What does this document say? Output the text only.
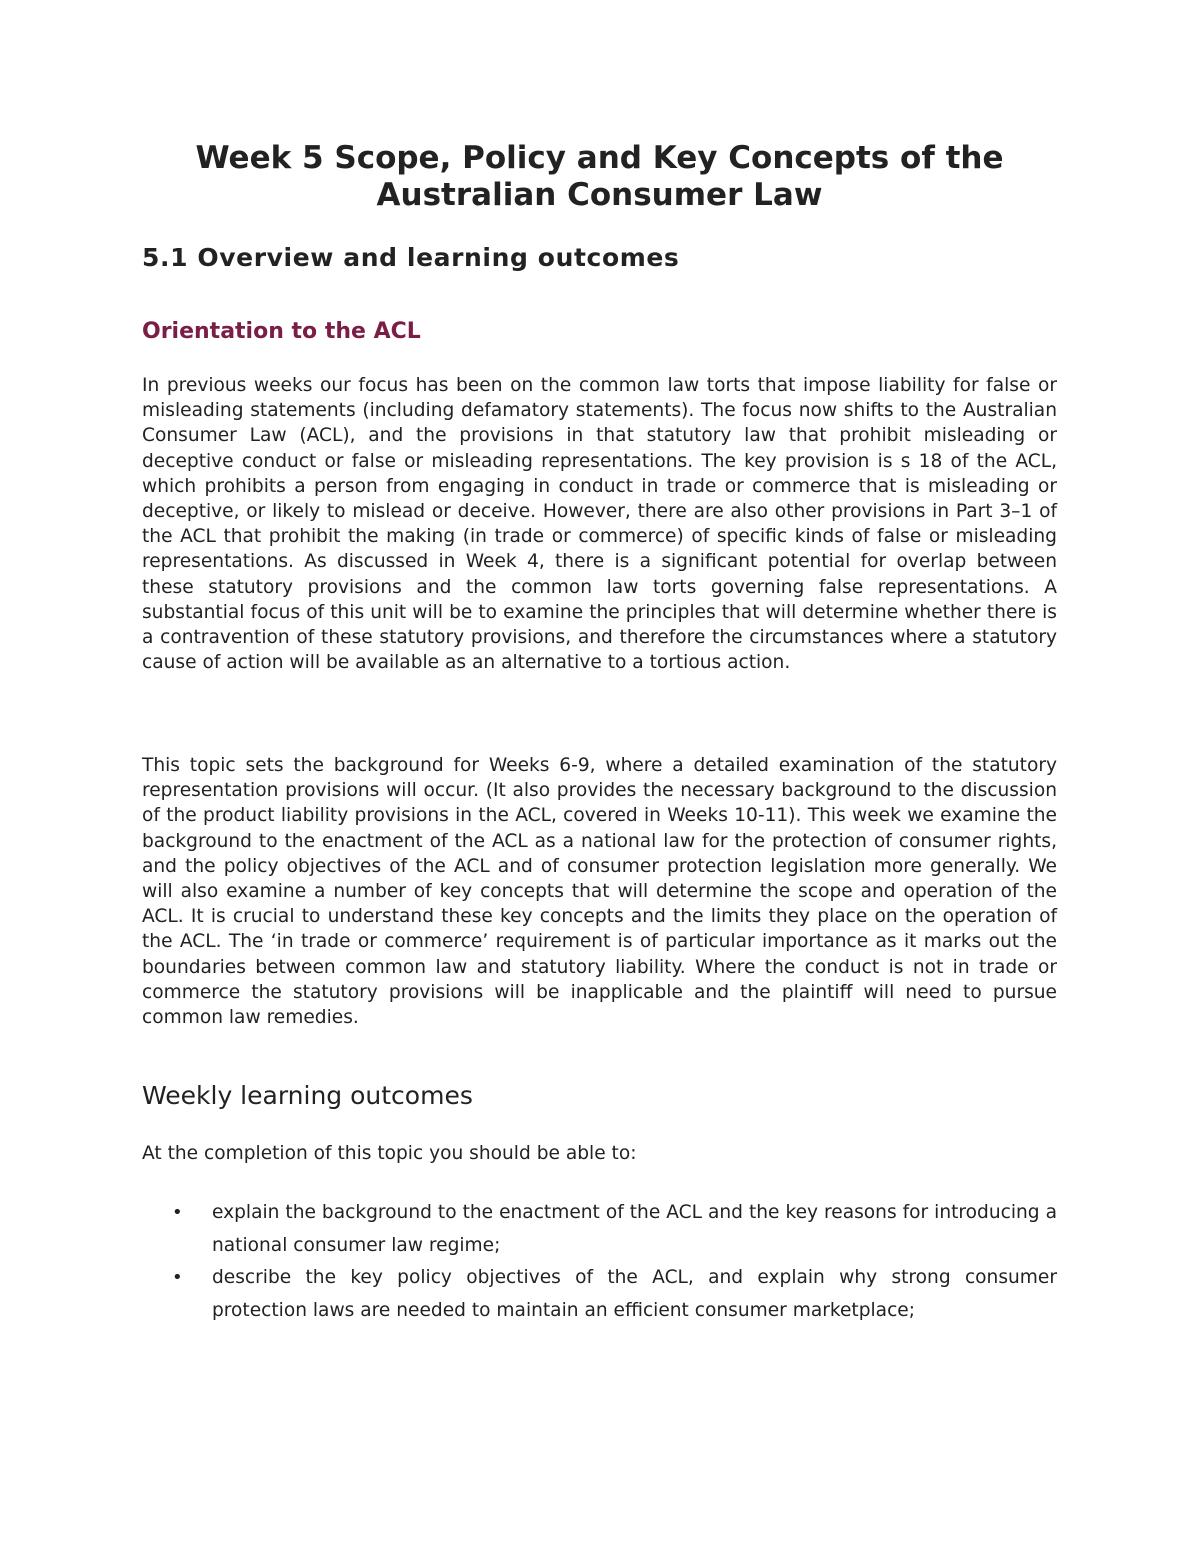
Week 5 Scope, Policy and Key Concepts of the Australian Consumer Law
5.1 Overview and learning outcomes
Orientation to the ACL

In previous weeks our focus has been on the common law torts that impose liability for false or misleading statements (including defamatory statements). The focus now shifts to the Australian Consumer Law (ACL), and the provisions in that statutory law that prohibit misleading or deceptive conduct or false or misleading representations. The key provision is s 18 of the ACL, which prohibits a person from engaging in conduct in trade or commerce that is misleading or deceptive, or likely to mislead or deceive. However, there are also other provisions in Part 3–1 of the ACL that prohibit the making (in trade or commerce) of specific kinds of false or misleading representations. As discussed in Week 4, there is a significant potential for overlap between these statutory provisions and the common law torts governing false representations. A substantial focus of this unit will be to examine the principles that will determine whether there is a contravention of these statutory provisions, and therefore the circumstances where a statutory cause of action will be available as an alternative to a tortious action.

This topic sets the background for Weeks 6-9, where a detailed examination of the statutory representation provisions will occur. (It also provides the necessary background to the discussion of the product liability provisions in the ACL, covered in Weeks 10-11). This week we examine the background to the enactment of the ACL as a national law for the protection of consumer rights, and the policy objectives of the ACL and of consumer protection legislation more generally. We will also examine a number of key concepts that will determine the scope and operation of the ACL. It is crucial to understand these key concepts and the limits they place on the operation of the ACL. The ‘in trade or commerce’ requirement is of particular importance as it marks out the boundaries between common law and statutory liability. Where the conduct is not in trade or commerce the statutory provisions will be inapplicable and the plaintiff will need to pursue common law remedies.

Weekly learning outcomes

At the completion of this topic you should be able to:

• explain the background to the enactment of the ACL and the key reasons for introducing a national consumer law regime;
• describe the key policy objectives of the ACL, and explain why strong consumer protection laws are needed to maintain an efficient consumer marketplace;
